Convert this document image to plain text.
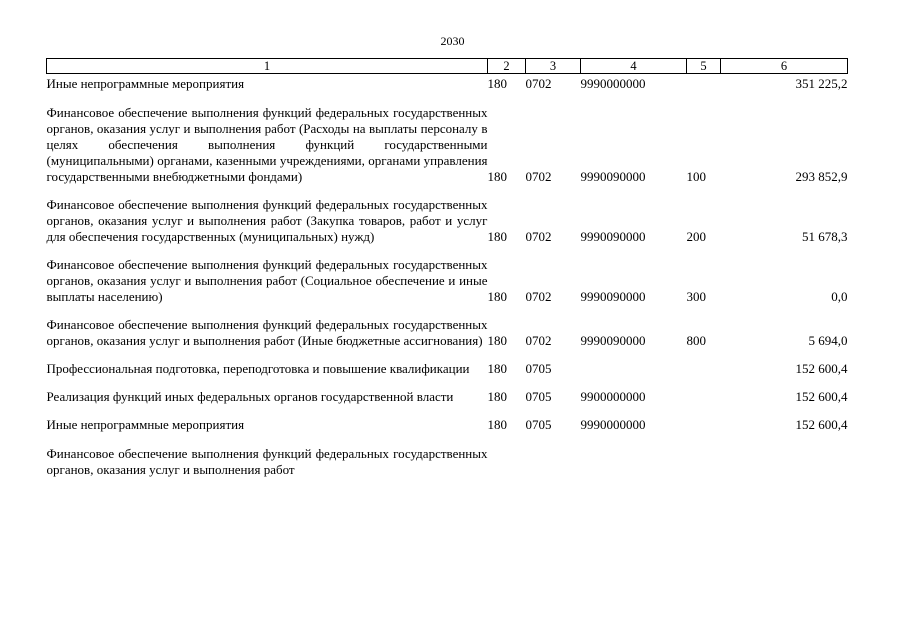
2030
1	2	3	4	5	6
Иные непрограммные мероприятия	180	0702	9990000000		351 225,2
Финансовое обеспечение выполнения функций федеральных государственных органов, оказания услуг и выполнения работ (Расходы на выплаты персоналу в целях обеспечения выполнения функций государственными (муниципальными) органами, казенными учреждениями, органами управления государственными внебюджетными фондами)	180	0702	9990090000	100	293 852,9
Финансовое обеспечение выполнения функций федеральных государственных органов, оказания услуг и выполнения работ (Закупка товаров, работ и услуг для обеспечения государственных (муниципальных) нужд)	180	0702	9990090000	200	51 678,3
Финансовое обеспечение выполнения функций федеральных государственных органов, оказания услуг и выполнения работ (Социальное обеспечение и иные выплаты населению)	180	0702	9990090000	300	0,0
Финансовое обеспечение выполнения функций федеральных государственных органов, оказания услуг и выполнения работ (Иные бюджетные ассигнования)	180	0702	9990090000	800	5 694,0
Профессиональная подготовка, переподготовка и повышение квалификации	180	0705			152 600,4
Реализация функций иных федеральных органов государственной власти	180	0705	9900000000		152 600,4
Иные непрограммные мероприятия	180	0705	9990000000		152 600,4
Финансовое обеспечение выполнения функций федеральных государственных органов, оказания услуг и выполнения работ					
